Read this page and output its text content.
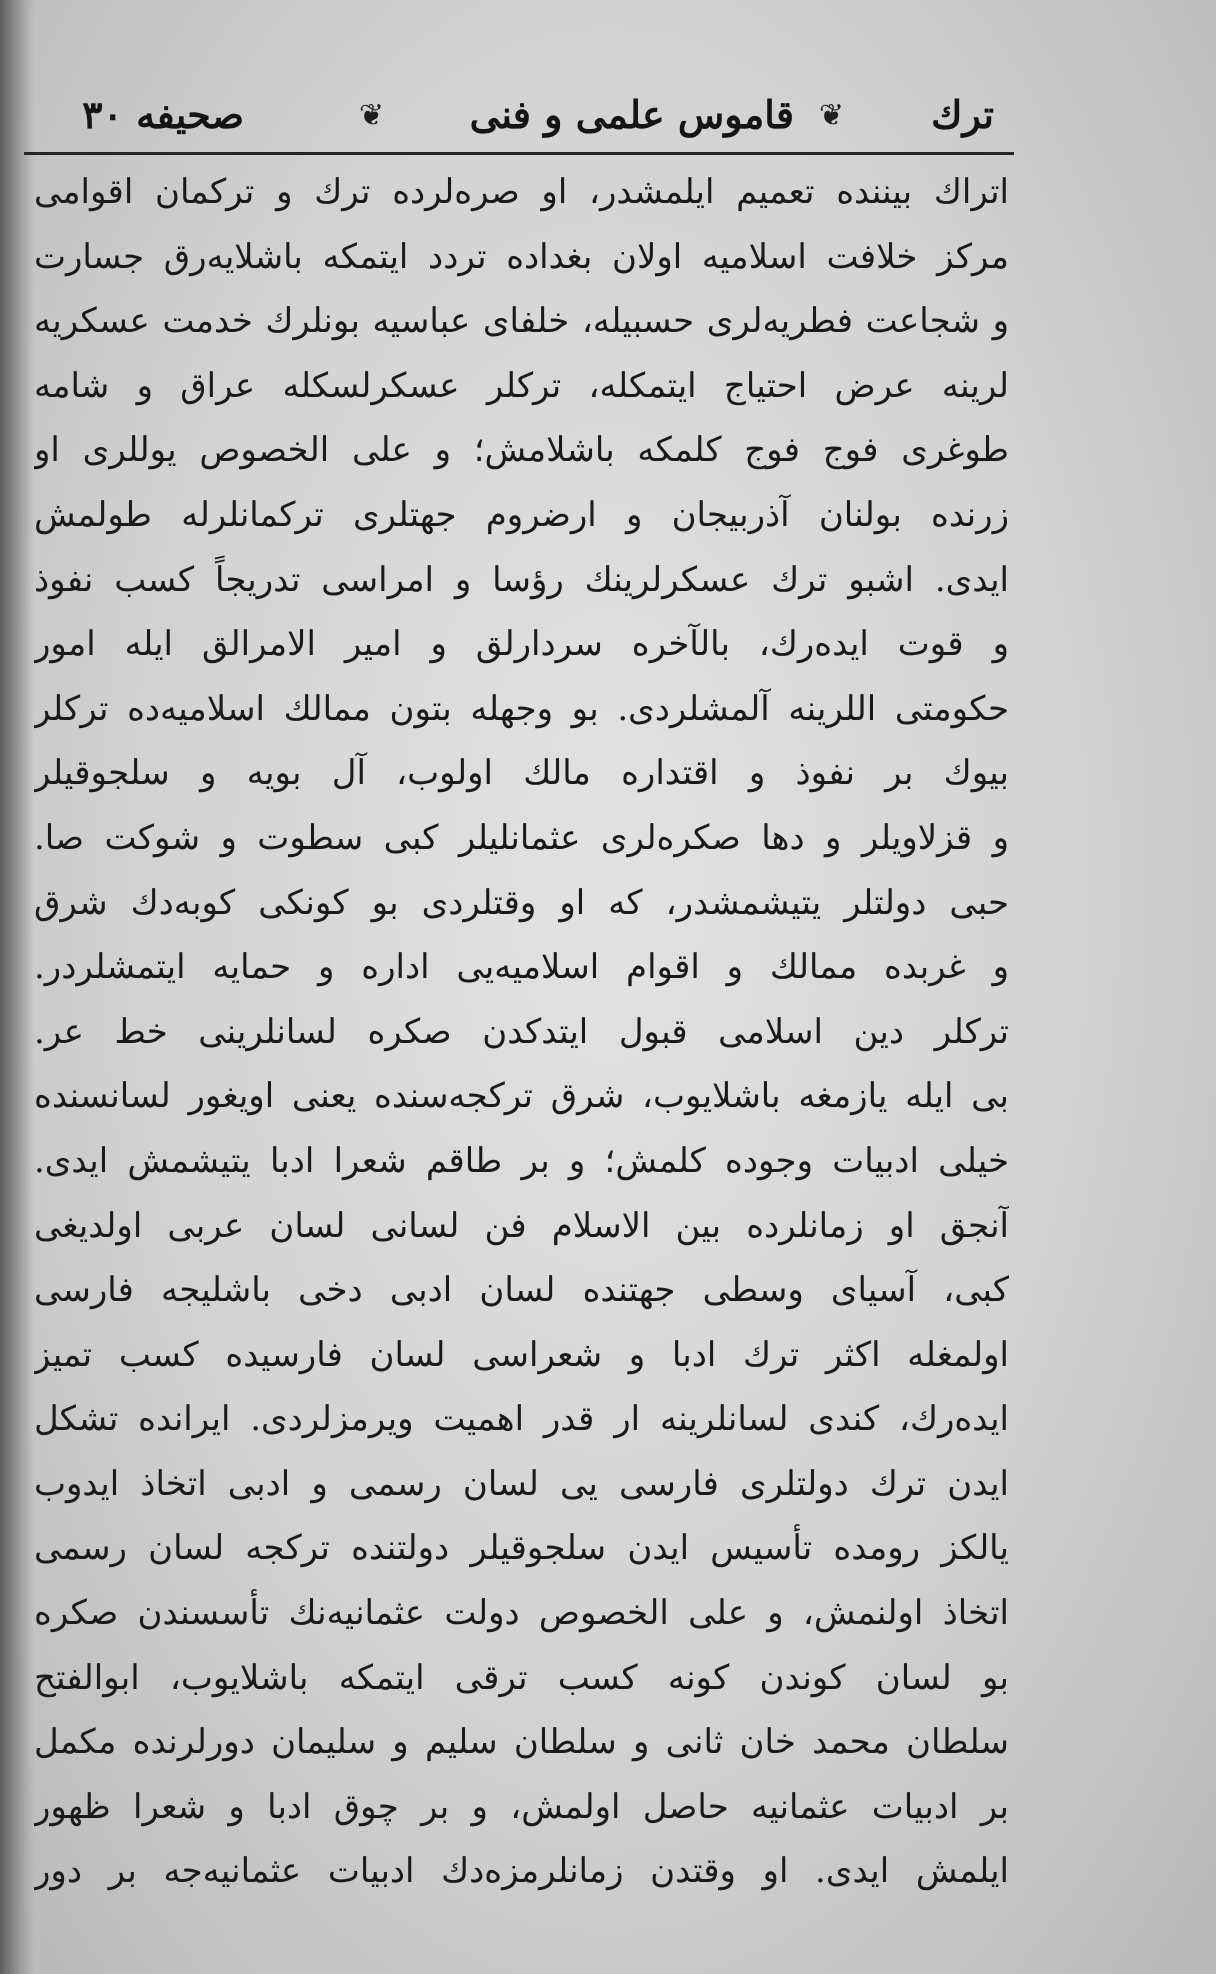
ترك
❦
قاموس علمى و فنى
❦
صحيفه ٣٠
اتراك بيننده تعميم ايلمشدر، او صرەلرده ترك و تركمان اقوامى
مركز خلافت اسلاميه اولان بغداده تردد ايتمكه باشلايەرق جسارت
و شجاعت فطريەلرى حسبيله، خلفاى عباسيه بونلرك خدمت عسكريه
لرينه عرض احتياج ايتمكله، تركلر عسكرلسكله عراق و شامه
طوغرى فوج فوج كلمكه باشلامش؛ و على الخصوص يوللرى او
زرنده بولنان آذربيجان و ارضروم جهتلرى تركمانلرله طولمش
ايدى. اشبو ترك عسكرلرينك رؤسا و امراسى تدريجاً كسب نفوذ
و قوت ايدەرك، بالآخره سردارلق و امير الامرالق ايله امور
حكومتى اللرينه آلمشلردى. بو وجهله بتون ممالك اسلاميەده تركلر
بيوك بر نفوذ و اقتداره مالك اولوب، آل بويه و سلجوقيلر
و قزلاويلر و دها صكرەلرى عثمانليلر كبى سطوت و شوكت صا.
حبى دولتلر يتيشمشدر، كه او وقتلردى بو كونكى كوبەدك شرق
و غربده ممالك و اقوام اسلاميەيى اداره و حمايه ايتمشلردر.
تركلر دين اسلامى قبول ايتدكدن صكره لسانلرينى خط عر.
بى ايله يازمغه باشلايوب، شرق تركجەسنده يعنى اويغور لسانسنده
خيلى ادبيات وجوده كلمش؛ و بر طاقم شعرا ادبا يتيشمش ايدى.
آنجق او زمانلرده بين الاسلام فن لسانى لسان عربى اولديغى
كبى، آسياى وسطى جهتنده لسان ادبى دخى باشليجه فارسى
اولمغله اكثر ترك ادبا و شعراسى لسان فارسيده كسب تميز
ايدەرك، كندى لسانلرينه ار قدر اهميت ويرمزلردى. ايرانده تشكل
ايدن ترك دولتلرى فارسى يى لسان رسمى و ادبى اتخاذ ايدوب
يالكز رومده تأسيس ايدن سلجوقيلر دولتنده تركجه لسان رسمى
اتخاذ اولنمش، و على الخصوص دولت عثمانيەنك تأسسندن صكره
بو لسان كوندن كونه كسب ترقى ايتمكه باشلايوب، ابوالفتح
سلطان محمد خان ثانى و سلطان سليم و سليمان دورلرنده مكمل
بر ادبيات عثمانيه حاصل اولمش، و بر چوق ادبا و شعرا ظهور
ايلمش ايدى. او وقتدن زمانلرمزەدك ادبيات عثمانيەجه بر دور
